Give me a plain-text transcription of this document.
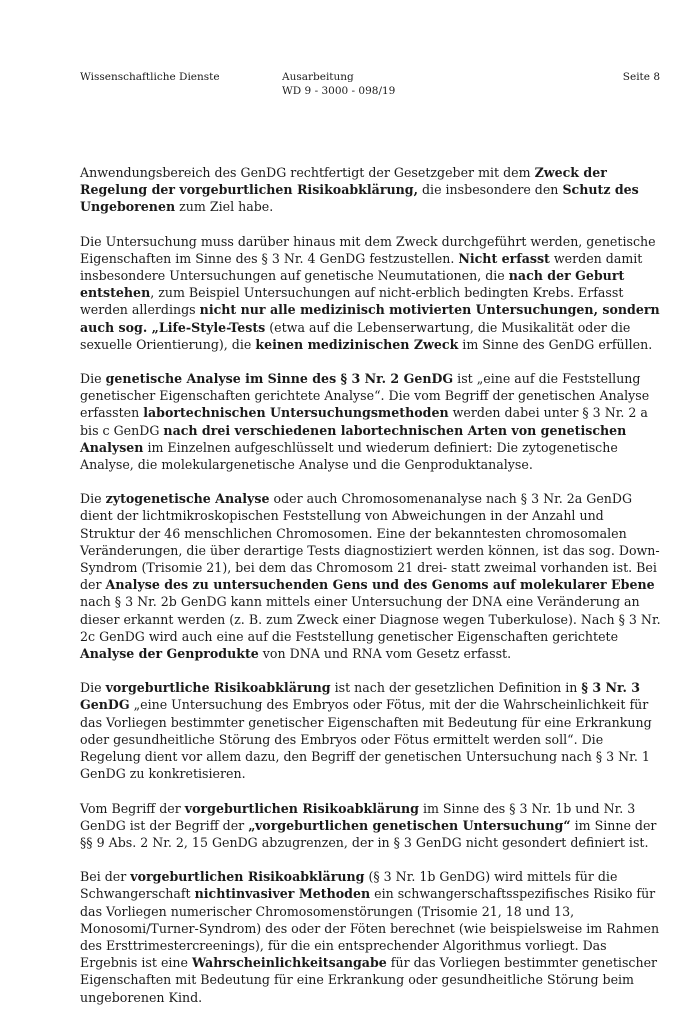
Wissenschaftliche Dienste	Ausarbeitung
WD 9 - 3000 - 098/19
Seite 8

Anwendungsbereich des GenDG rechtfertigt der Gesetzgeber mit dem Zweck der Regelung der vorgeburtlichen Risikoabklärung, die insbesondere den Schutz des Ungeborenen zum Ziel habe.

Die Untersuchung muss darüber hinaus mit dem Zweck durchgeführt werden, genetische Eigenschaften im Sinne des § 3 Nr. 4 GenDG festzustellen. Nicht erfasst werden damit insbesondere Untersuchungen auf genetische Neumutationen, die nach der Geburt entstehen, zum Beispiel Untersuchungen auf nicht-erblich bedingten Krebs. Erfasst werden allerdings nicht nur alle medizinisch motivierten Untersuchungen, sondern auch sog. „Life-Style-Tests (etwa auf die Lebenserwartung, die Musikalität oder die sexuelle Orientierung), die keinen medizinischen Zweck im Sinne des GenDG erfüllen.

Die genetische Analyse im Sinne des § 3 Nr. 2 GenDG ist „eine auf die Feststellung genetischer Eigenschaften gerichtete Analyse“. Die vom Begriff der genetischen Analyse erfassten labortechnischen Untersuchungsmethoden werden dabei unter § 3 Nr. 2 a bis c GenDG nach drei verschiedenen labortechnischen Arten von genetischen Analysen im Einzelnen aufgeschlüsselt und wiederum definiert: Die zytogenetische Analyse, die molekulargenetische Analyse und die Genproduktanalyse.

Die zytogenetische Analyse oder auch Chromosomenanalyse nach § 3 Nr. 2a GenDG dient der lichtmikroskopischen Feststellung von Abweichungen in der Anzahl und Struktur der 46 menschlichen Chromosomen. Eine der bekanntesten chromosomalen Veränderungen, die über derartige Tests diagnostiziert werden können, ist das sog. Down-Syndrom (Trisomie 21), bei dem das Chromosom 21 drei- statt zweimal vorhanden ist. Bei der Analyse des zu untersuchenden Gens und des Genoms auf molekularer Ebene nach § 3 Nr. 2b GenDG kann mittels einer Untersuchung der DNA eine Veränderung an dieser erkannt werden (z. B. zum Zweck einer Diagnose wegen Tuberkulose). Nach § 3 Nr. 2c GenDG wird auch eine auf die Feststellung genetischer Eigenschaften gerichtete Analyse der Genprodukte von DNA und RNA vom Gesetz erfasst.

Die vorgeburtliche Risikoabklärung ist nach der gesetzlichen Definition in § 3 Nr. 3 GenDG „eine Untersuchung des Embryos oder Fötus, mit der die Wahrscheinlichkeit für das Vorliegen bestimmter genetischer Eigenschaften mit Bedeutung für eine Erkrankung oder gesundheitliche Störung des Embryos oder Fötus ermittelt werden soll“. Die Regelung dient vor allem dazu, den Begriff der genetischen Untersuchung nach § 3 Nr. 1 GenDG zu konkretisieren.

Vom Begriff der vorgeburtlichen Risikoabklärung im Sinne des § 3 Nr. 1b und Nr. 3 GenDG ist der Begriff der „vorgeburtlichen genetischen Untersuchung“ im Sinne der §§ 9 Abs. 2 Nr. 2, 15 GenDG abzugrenzen, der in § 3 GenDG nicht gesondert definiert ist.

Bei der vorgeburtlichen Risikoabklärung (§ 3 Nr. 1b GenDG) wird mittels für die Schwangerschaft nichtinvasiver Methoden ein schwangerschaftsspezifisches Risiko für das Vorliegen numerischer Chromosomenstörungen (Trisomie 21, 18 und 13, Monosomi/Turner-Syndrom) des oder der Föten berechnet (wie beispielsweise im Rahmen des Ersttrimestercreenings), für die ein entsprechender Algorithmus vorliegt. Das Ergebnis ist eine Wahrscheinlichkeitsangabe für das Vorliegen bestimmter genetischer Eigenschaften mit Bedeutung für eine Erkrankung oder gesundheitliche Störung beim ungeborenen Kind.
